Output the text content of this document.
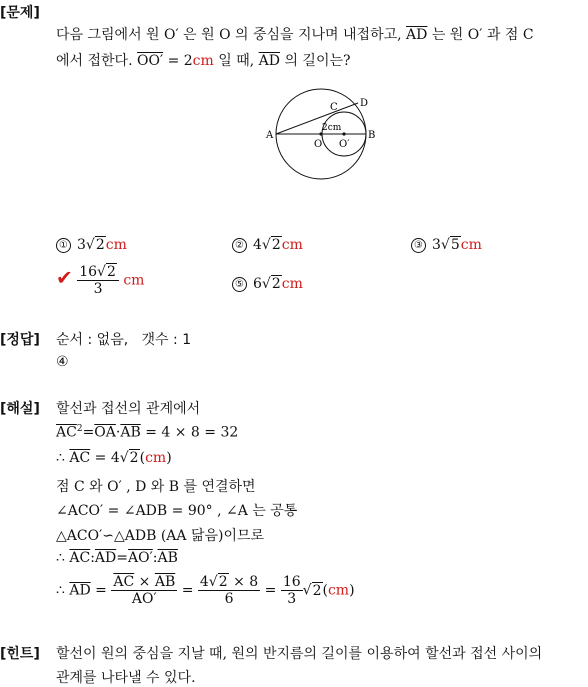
[문제]
[정답]
[해설]
[힌트]
다음 그림에서 원 O′ 은 원 O 의 중심을 지나며 내접하고, $\overline{AD}$ 는 원 O′ 과 점 C
에서 접한다. OO′ = 2cm 일 때, $\overline{AD}$ 의 길이는?
A	B
C D
O O′
2cm
① 3√2cm	② 4√2cm	③ 3√5cm
✔ $\frac{16√2}{3}$ cm	⑤ 6√2cm
순서 : 없음, 갯수 : 1
④
할선과 접선의 관계에서
$\overline{AC}^2=\overline{OA}\cdot\overline{AB} = 4 \times 8 = 32$
∴ $\overline{AC} = 4√2(cm)$
점 C 와 O′ , D 와 B 를 연결하면
∠ACO′ = ∠ADB = 90° , ∠A 는 공통
△ACO′∽△ADB (AA 닮음)이므로
∴ $\overline{AC}:\overline{AD}=AO':\overline{AB}$
∴ $\overline{AD} = \frac{\overline{AC} \times \overline{AB}}{AO'} = \frac{4√2 \times 8}{6} = \frac{16}{3} √2(cm)$
할선이 원의 중심을 지날 때, 원의 반지름의 길이를 이용하여 할선과 접선 사이의
관계를 나타낼 수 있다.
